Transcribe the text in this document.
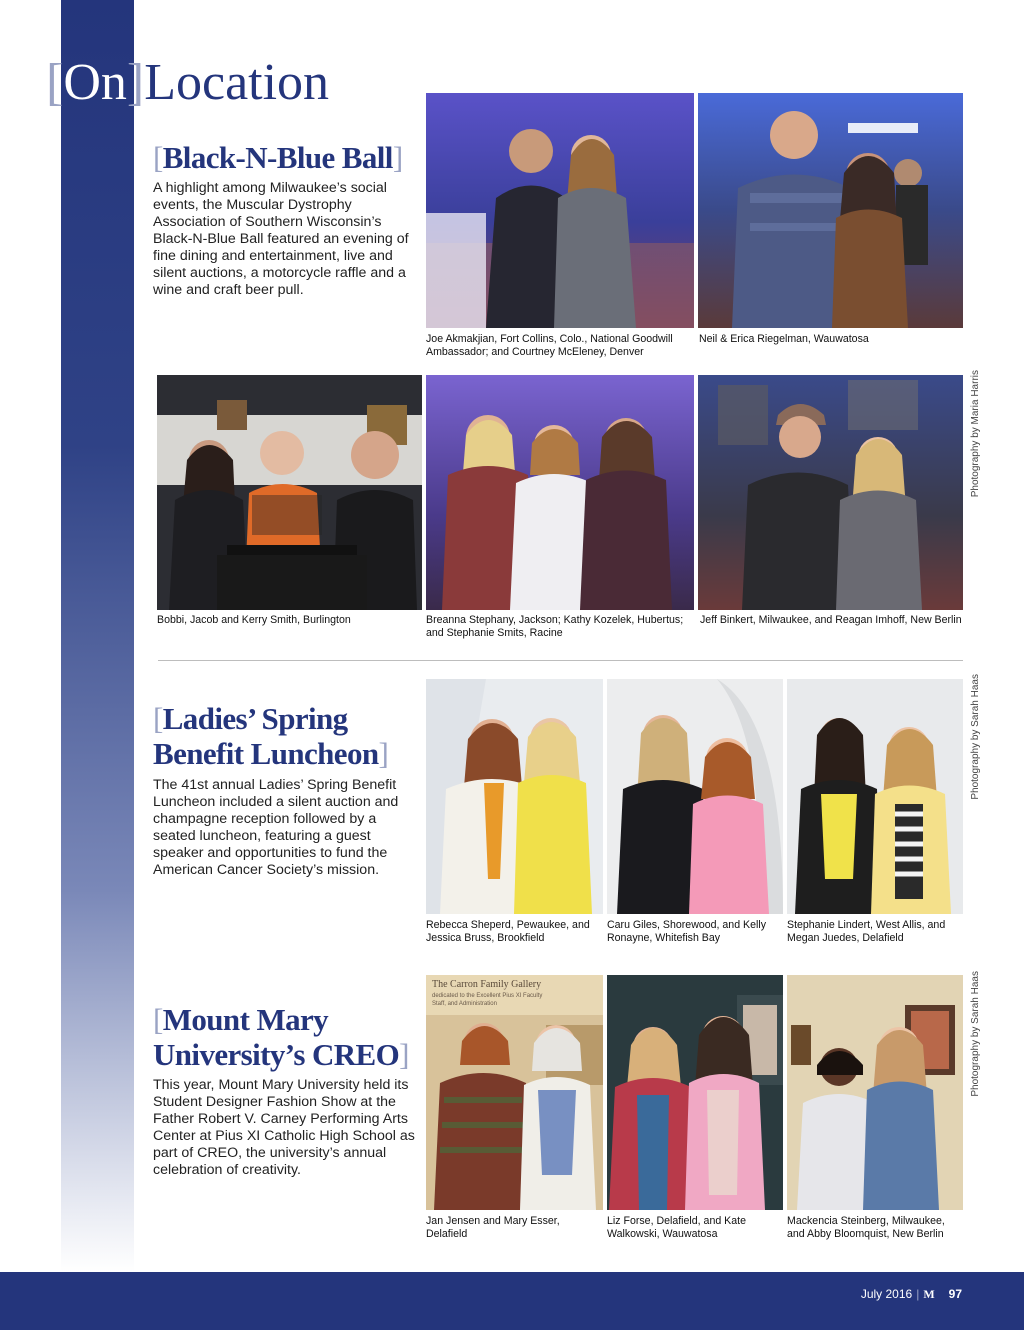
[On]Location
[Black-N-Blue Ball]
A highlight among Milwaukee’s social events, the Muscular Dystrophy Association of Southern Wisconsin’s Black-N-Blue Ball featured an evening of fine dining and entertainment, live and silent auctions, a motorcycle raffle and a wine and craft beer pull.
Joe Akmakjian, Fort Collins, Colo., National Goodwill Ambassador; and Courtney McEleney, Denver
Neil & Erica Riegelman, Wauwatosa
Bobbi, Jacob and Kerry Smith, Burlington	Breanna Stephany, Jackson; Kathy Kozelek, Hubertus; and Stephanie Smits, Racine
Jeff Binkert, Milwaukee, and Reagan Imhoff, New Berlin
Photography by Maria Harris
[Ladies’ Spring
Benefit Luncheon]
The 41st annual Ladies’ Spring Benefit Luncheon included a silent auction and champagne reception followed by a seated luncheon, featuring a guest speaker and opportunities to fund the American Cancer Society’s mission.
Rebecca Sheperd, Pewaukee, and Jessica Bruss, Brookfield
Caru Giles, Shorewood, and Kelly Ronayne, Whitefish Bay
Stephanie Lindert, West Allis, and Megan Juedes, Delafield
Photography by Sarah Haas
[Mount Mary
University’s CREO]
This year, Mount Mary University held its Student Designer Fashion Show at the Father Robert V. Carney Performing Arts Center at Pius XI Catholic High School as part of CREO, the university’s annual celebration of creativity.
The Carron Family Gallery
dedicated to the Excellent Pius XI Faculty
Staff, and Administration
Jan Jensen and Mary Esser, Delafield
Liz Forse, Delafield, and Kate Walkowski, Wauwatosa
Mackencia Steinberg, Milwaukee, and Abby Bloomquist, New Berlin
Photography by Sarah Haas
July 2016 | M 97
